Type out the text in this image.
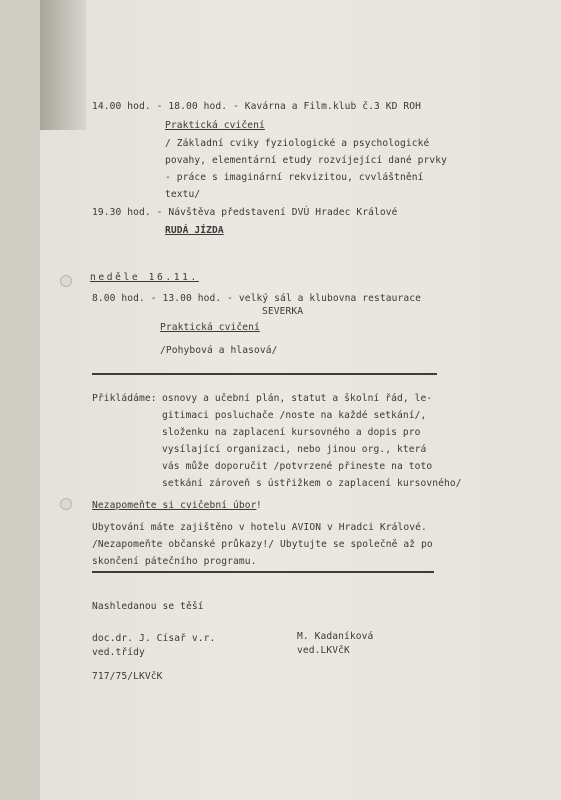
14.00 hod. - 18.00 hod. - Kavárna a Film.klub č.3 KD ROH
Praktická cvičení
/ Základní cviky fyziologické a psychologické
povahy, elementární etudy rozvíjející dané prvky
- práce s imaginární rekvizitou, cvvláštnění
textu/
19.30 hod. - Návštěva představení DVÚ Hradec Králové
RUDÁ JÍZDA
neděle 16.11.
8.00 hod. - 13.00 hod. - velký sál a klubovna restaurace
SEVERKA
Praktická cvičení
/Pohybová a hlasová/
Přikládáme: osnovy a učební plán, statut a školní řád, le-
gitimaci posluchače /noste na každé setkání/,
složenku na zaplacení kursovného a dopis pro
vysílající organizaci, nebo jinou org., která
vás může doporučit /potvrzené přineste na toto
setkání zároveň s ústřižkem o zaplacení kursovného/
Nezapomeňte si cvičební úbor !
Ubytování máte zajištěno v hotelu AVION v Hradci Králové.
/Nezapomeňte občanské průkazy!/ Ubytujte se společně až po
skončení pátečního programu.
Nashledanou se těší
doc.dr. J. Císař v.r.
ved.třídy
M. Kadaníková
ved.LKVčK
717/75/LKVčK
